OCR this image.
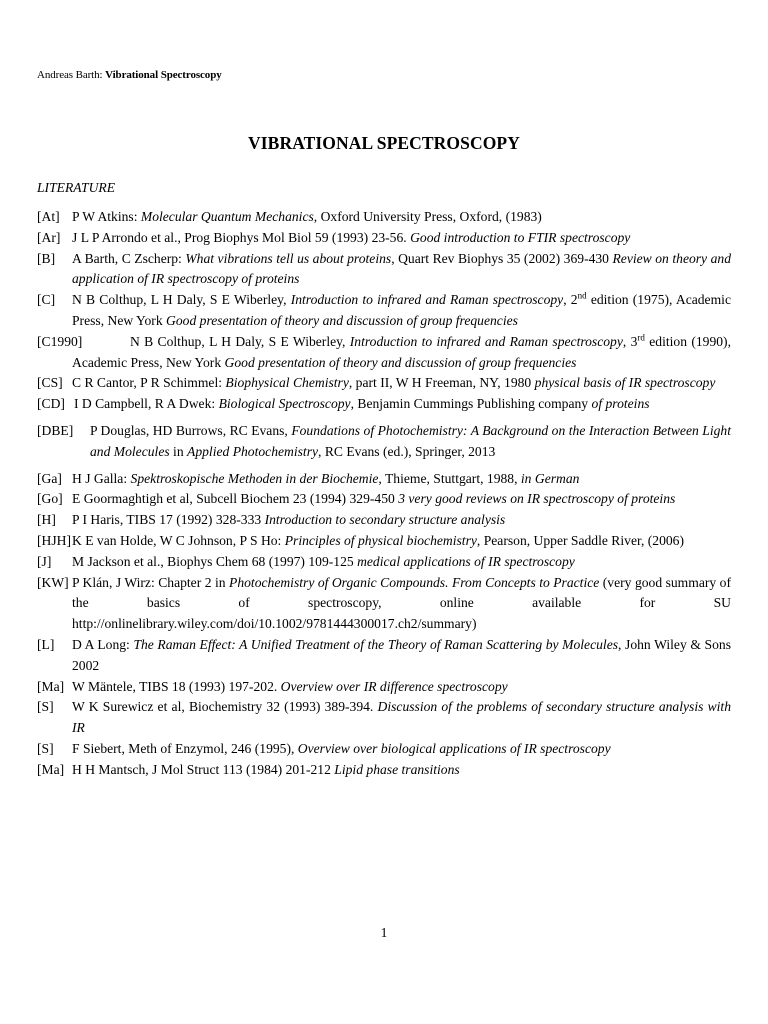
Andreas Barth: Vibrational Spectroscopy
VIBRATIONAL SPECTROSCOPY
LITERATURE
[At] P W Atkins: Molecular Quantum Mechanics, Oxford University Press, Oxford, (1983)
[Ar] J L P Arrondo et al., Prog Biophys Mol Biol 59 (1993) 23-56. Good introduction to FTIR spectroscopy
[B] A Barth, C Zscherp: What vibrations tell us about proteins, Quart Rev Biophys 35 (2002) 369-430 Review on theory and application of IR spectroscopy of proteins
[C] N B Colthup, L H Daly, S E Wiberley, Introduction to infrared and Raman spectroscopy, 2nd edition (1975), Academic Press, New York Good presentation of theory and discussion of group frequencies
[C1990]	N B Colthup, L H Daly, S E Wiberley, Introduction to infrared and Raman spectroscopy, 3rd edition (1990), Academic Press, New York Good presentation of theory and discussion of group frequencies
[CS] C R Cantor, P R Schimmel: Biophysical Chemistry, part II, W H Freeman, NY, 1980 physical basis of IR spectroscopy
[CD] I D Campbell, R A Dwek: Biological Spectroscopy, Benjamin Cummings Publishing company of proteins
[DBE] P Douglas, HD Burrows, RC Evans, Foundations of Photochemistry: A Background on the Interaction Between Light and Molecules in Applied Photochemistry, RC Evans (ed.), Springer, 2013
[Ga] H J Galla: Spektroskopische Methoden in der Biochemie, Thieme, Stuttgart, 1988, in German
[Go] E Goormaghtigh et al, Subcell Biochem 23 (1994) 329-450 3 very good reviews on IR spectroscopy of proteins
[H] P I Haris, TIBS 17 (1992) 328-333 Introduction to secondary structure analysis
[HJH] K E van Holde, W C Johnson, P S Ho: Principles of physical biochemistry, Pearson, Upper Saddle River, (2006)
[J] M Jackson et al., Biophys Chem 68 (1997) 109-125 medical applications of IR spectroscopy
[KW] P Klán, J Wirz: Chapter 2 in Photochemistry of Organic Compounds. From Concepts to Practice (very good summary of the basics of spectroscopy, online available for SU http://onlinelibrary.wiley.com/doi/10.1002/9781444300017.ch2/summary)
[L] D A Long: The Raman Effect: A Unified Treatment of the Theory of Raman Scattering by Molecules, John Wiley & Sons 2002
[Ma] W Mäntele, TIBS 18 (1993) 197-202. Overview over IR difference spectroscopy
[S] W K Surewicz et al, Biochemistry 32 (1993) 389-394. Discussion of the problems of secondary structure analysis with IR
[S] F Siebert, Meth of Enzymol, 246 (1995), Overview over biological applications of IR spectroscopy
[Ma] H H Mantsch, J Mol Struct 113 (1984) 201-212 Lipid phase transitions
1
